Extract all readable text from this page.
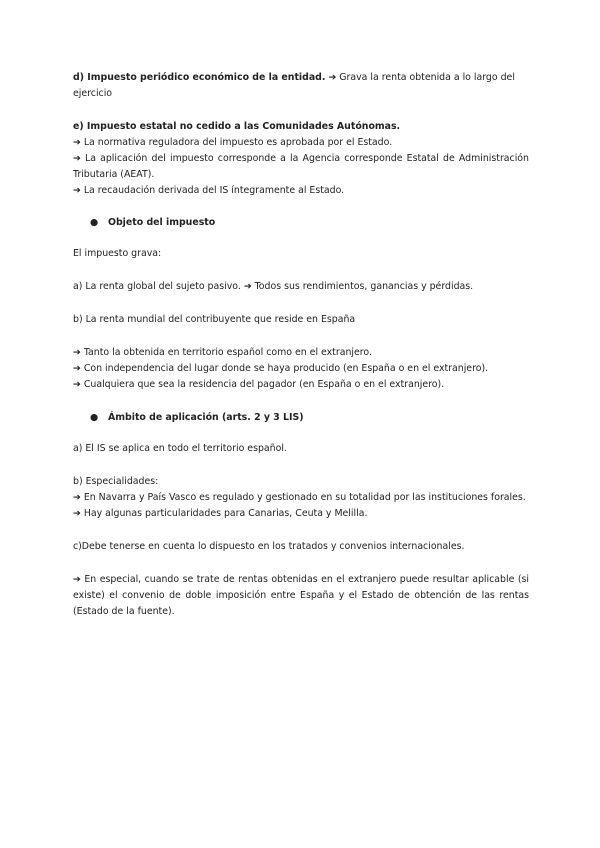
d) Impuesto periódico económico de la entidad. ➔ Grava la renta obtenida a lo largo del ejercicio

e) Impuesto estatal no cedido a las Comunidades Autónomas.

➔ La normativa reguladora del impuesto es aprobada por el Estado.

➔ La aplicación del impuesto corresponde a la Agencia corresponde Estatal de Administración Tributaria (AEAT).

➔ La recaudación derivada del IS íntegramente al Estado.

● Objeto del impuesto

El impuesto grava:

a) La renta global del sujeto pasivo. ➔ Todos sus rendimientos, ganancias y pérdidas.

b) La renta mundial del contribuyente que reside en España

➔ Tanto la obtenida en territorio español como en el extranjero.

➔ Con independencia del lugar donde se haya producido (en España o en el extranjero).

➔ Cualquiera que sea la residencia del pagador (en España o en el extranjero).

● Ámbito de aplicación (arts. 2 y 3 LIS)

a) El IS se aplica en todo el territorio español.

b) Especialidades:

➔ En Navarra y País Vasco es regulado y gestionado en su totalidad por las instituciones forales.

➔ Hay algunas particularidades para Canarias, Ceuta y Melilla.

c)Debe tenerse en cuenta lo dispuesto en los tratados y convenios internacionales.

➔ En especial, cuando se trate de rentas obtenidas en el extranjero puede resultar aplicable (si existe) el convenio de doble imposición entre España y el Estado de obtención de las rentas (Estado de la fuente).
